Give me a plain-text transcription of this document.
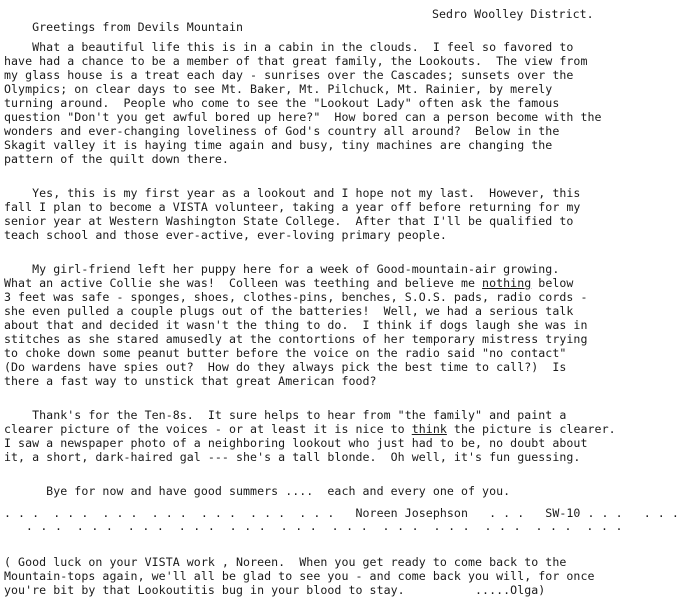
Greetings from Devils Mountain

Sedro Woolley District.

What a beautiful life this is in a cabin in the clouds.  I feel so favored to
have had a chance to be a member of that great family, the Lookouts.  The view from
my glass house is a treat each day - sunrises over the Cascades; sunsets over the
Olympics; on clear days to see Mt. Baker, Mt. Pilchuck, Mt. Rainier, by merely
turning around.  People who come to see the "Lookout Lady" often ask the famous
question "Don't you get awful bored up here?"  How bored can a person become with the
wonders and ever-changing loveliness of God's country all around?  Below in the
Skagit valley it is haying time again and busy, tiny machines are changing the
pattern of the quilt down there.
Yes, this is my first year as a lookout and I hope not my last.  However, this
fall I plan to become a VISTA volunteer, taking a year off before returning for my
senior year at Western Washington State College.  After that I'll be qualified to
teach school and those ever-active, ever-loving primary people.
My girl-friend left her puppy here for a week of Good-mountain-air growing.
What an active Collie she was!  Colleen was teething and believe me nothing below
3 feet was safe - sponges, shoes, clothes-pins, benches, S.O.S. pads, radio cords -
she even pulled a couple plugs out of the batteries!  Well, we had a serious talk
about that and decided it wasn't the thing to do.  I think if dogs laugh she was in
stitches as she stared amusedly at the contortions of her temporary mistress trying
to choke down some peanut butter before the voice on the radio said "no contact"
(Do wardens have spies out?  How do they always pick the best time to call?)  Is
there a fast way to unstick that great American food?
Thank's for the Ten-8s.  It sure helps to hear from "the family" and paint a
clearer picture of the voices - or at least it is nice to think the picture is clearer.
I saw a newspaper photo of a neighboring lookout who just had to be, no doubt about
it, a short, dark-haired gal --- she's a tall blonde.  Oh well, it's fun guessing.
Bye for now and have good summers ....  each and every one of you.
. . .  . . .  . . .  . . .  . . .  . . .  . . .   Noreen Josephson   . . .   SW-10 . . .   . . .
. . .  . . .  . . .  . . .  . . .  . . .  . . .  . . .  . . .  . . .  . . .  . . .
( Good luck on your VISTA work , Noreen.  When you get ready to come back to the
Mountain-tops again, we'll all be glad to see you - and come back you will, for once
you're bit by that Lookoutitis bug in your blood to stay.          .....Olga)
